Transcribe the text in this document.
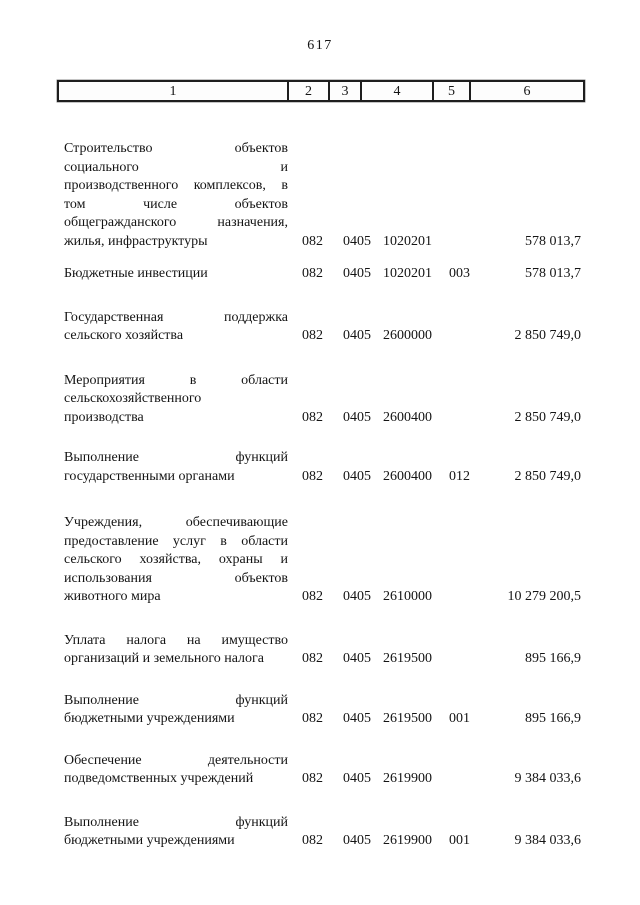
617
1	2	3	4	5	6
Строительство объектов
социального и
производственного комплексов, в
том числе объектов
общегражданского назначения,
жилья, инфраструктуры	082 0405 1020201	578 013,7
Бюджетные инвестиции	082 0405 1020201	003	578 013,7
Государственная поддержка
сельского хозяйства	082 0405 2600000	2 850 749,0
Мероприятия в области
сельскохозяйственного
производства	082 0405 2600400	2 850 749,0
Выполнение функций
государственными органами	082 0405 2600400	012	2 850 749,0
Учреждения, обеспечивающие
предоставление услуг в области
сельского хозяйства, охраны и
использования объектов
животного мира	082 0405 2610000	10 279 200,5
Уплата налога на имущество
организаций и земельного налога	082 0405 2619500	895 166,9
Выполнение функций
бюджетными учреждениями	082 0405 2619500	001	895 166,9
Обеспечение деятельности
подведомственных учреждений	082 0405 2619900	9 384 033,6
Выполнение функций
бюджетными учреждениями	082 0405 2619900	001	9 384 033,6
